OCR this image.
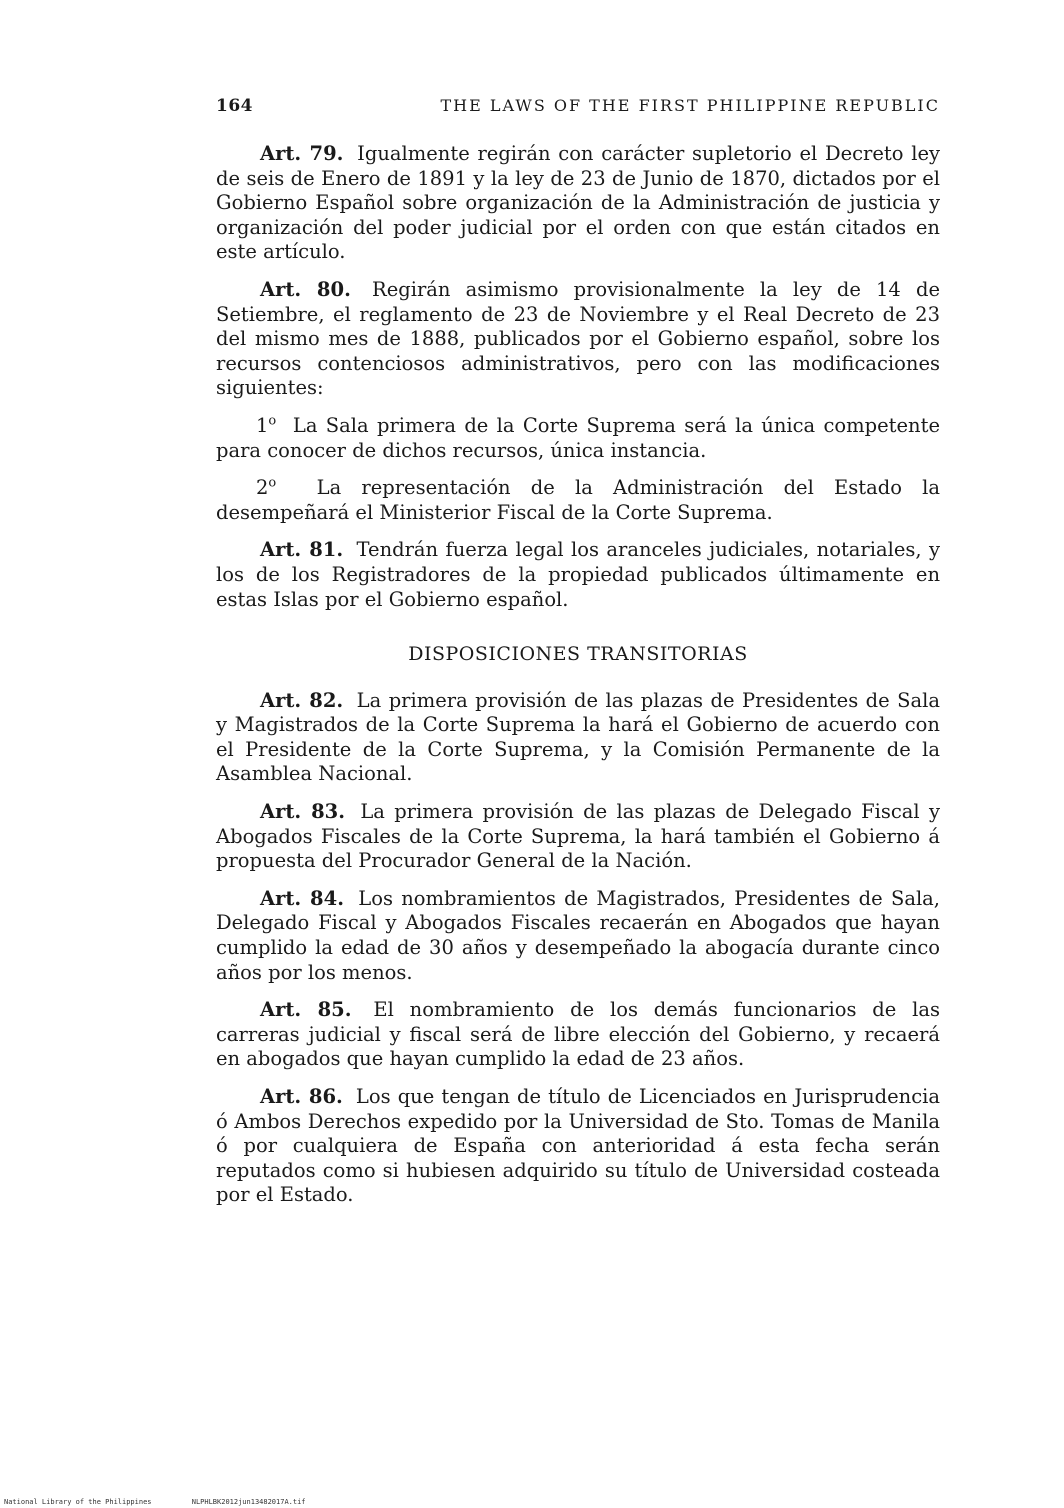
164	THE LAWS OF THE FIRST PHILIPPINE REPUBLIC

Art. 79. Igualmente regirán con carácter supletorio el Decreto ley de seis de Enero de 1891 y la ley de 23 de Junio de 1870, dictados por el Gobierno Español sobre organización de la Administración de justicia y organización del poder judicial por el orden con que están citados en este artículo.

Art. 80. Regirán asimismo provisionalmente la ley de 14 de Setiembre, el reglamento de 23 de Noviembre y el Real Decreto de 23 del mismo mes de 1888, publicados por el Gobierno español, sobre los recursos contenciosos administrativos, pero con las modificaciones siguientes:

1$^o$ La Sala primera de la Corte Suprema será la única competente para conocer de dichos recursos, única instancia.

2$^o$ La representación de la Administración del Estado la desempeñará el Ministerior Fiscal de la Corte Suprema.

Art. 81. Tendrán fuerza legal los aranceles judiciales, notariales, y los de los Registradores de la propiedad publicados últimamente en estas Islas por el Gobierno español.

DISPOSICIONES TRANSITORIAS

Art. 82. La primera provisión de las plazas de Presidentes de Sala y Magistrados de la Corte Suprema la hará el Gobierno de acuerdo con el Presidente de la Corte Suprema, y la Comisión Permanente de la Asamblea Nacional.

Art. 83. La primera provisión de las plazas de Delegado Fiscal y Abogados Fiscales de la Corte Suprema, la hará también el Gobierno á propuesta del Procurador General de la Nación.

Art. 84. Los nombramientos de Magistrados, Presidentes de Sala, Delegado Fiscal y Abogados Fiscales recaerán en Abogados que hayan cumplido la edad de 30 años y desempeñado la abogacía durante cinco años por los menos.

Art. 85. El nombramiento de los demás funcionarios de las carreras judicial y fiscal será de libre elección del Gobierno, y recaerá en abogados que hayan cumplido la edad de 23 años.

Art. 86. Los que tengan de título de Licenciados en Jurisprudencia ó Ambos Derechos expedido por la Universidad de Sto. Tomas de Manila ó por cualquiera de España con anterioridad á esta fecha serán reputados como si hubiesen adquirido su título de Universidad costeada por el Estado.

National Library of the Philippines	NLPHLBK2012jun13482017A.tif
